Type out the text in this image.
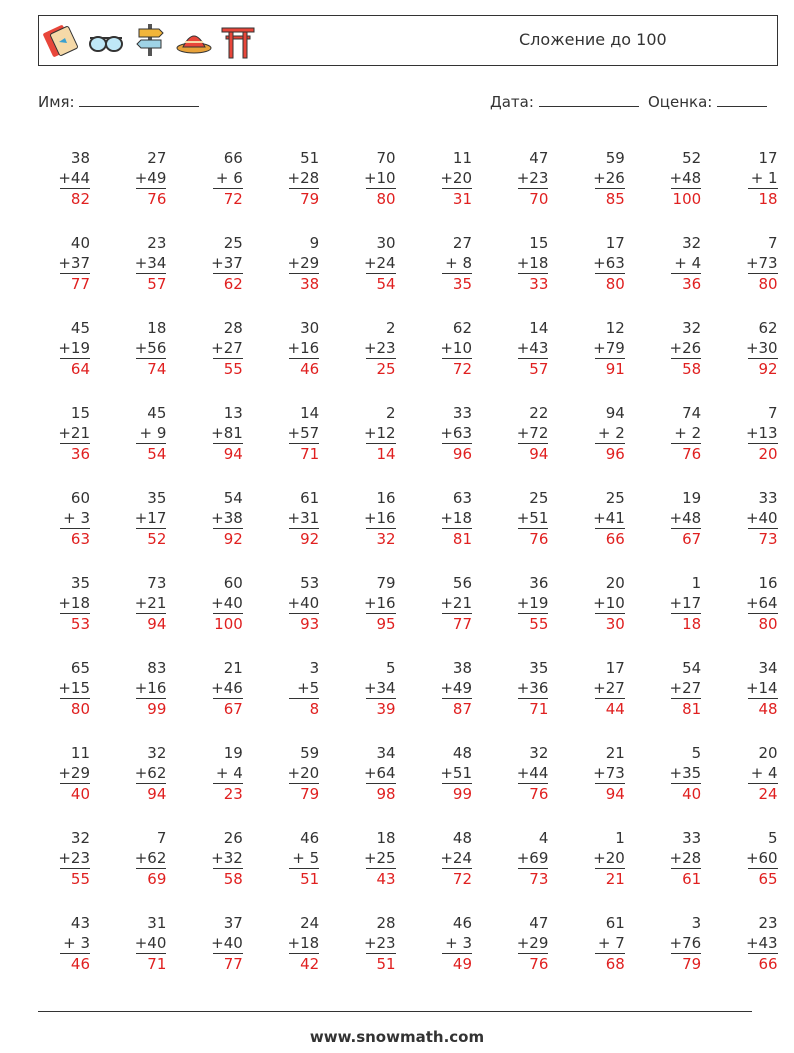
Сложение до 100
Имя:	Дата:	Оценка:
38
+44
82
27
+49
76
66
+ 6
72
51
+28
79
70
+10
80
11
+20
31
47
+23
70
59
+26
85
52
+48
100
17
+ 1
18
40
+37
77
23
+34
57
25
+37
62
9
+29
38
30
+24
54
27
+ 8
35
15
+18
33
17
+63
80
32
+ 4
36
7
+73
80
45
+19
64
18
+56
74
28
+27
55
30
+16
46
2
+23
25
62
+10
72
14
+43
57
12
+79
91
32
+26
58
62
+30
92
15
+21
36
45
+ 9
54
13
+81
94
14
+57
71
2
+12
14
33
+63
96
22
+72
94
94
+ 2
96
74
+ 2
76
7
+13
20
60
+ 3
63
35
+17
52
54
+38
92
61
+31
92
16
+16
32
63
+18
81
25
+51
76
25
+41
66
19
+48
67
33
+40
73
35
+18
53
73
+21
94
60
+40
100
53
+40
93
79
+16
95
56
+21
77
36
+19
55
20
+10
30
1
+17
18
16
+64
80
65
+15
80
83
+16
99
21
+46
67
3
+5
8
5
+34
39
38
+49
87
35
+36
71
17
+27
44
54
+27
81
34
+14
48
11
+29
40
32
+62
94
19
+ 4
23
59
+20
79
34
+64
98
48
+51
99
32
+44
76
21
+73
94
5
+35
40
20
+ 4
24
32
+23
55
7
+62
69
26
+32
58
46
+ 5
51
18
+25
43
48
+24
72
4
+69
73
1
+20
21
33
+28
61
5
+60
65
43
+ 3
46
31
+40
71
37
+40
77
24
+18
42
28
+23
51
46
+ 3
49
47
+29
76
61
+ 7
68
3
+76
79
23
+43
66
www.snowmath.com
